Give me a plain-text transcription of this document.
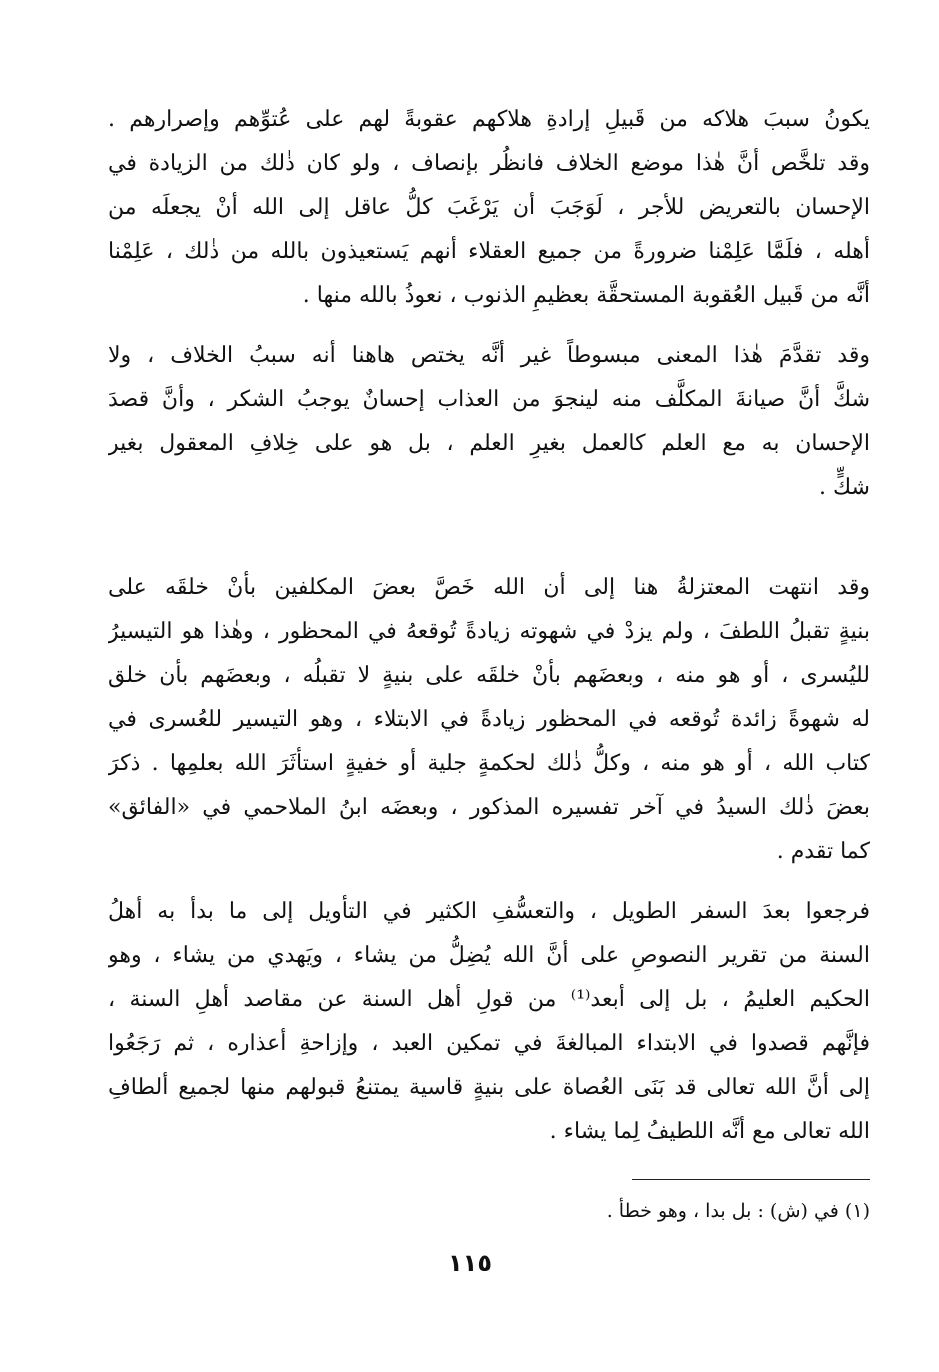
يكونُ سببَ هلاكه من قَبيلِ إرادةِ هلاكهم عقوبةً لهم على عُتوِّهم وإصرارهم .
وقد تلخَّص أنَّ هٰذا موضع الخلاف فانظُر بإنصاف ، ولو كان ذٰلك من الزيادة في
الإحسان بالتعريض للأجر ، لَوَجَبَ أن يَرْغَبَ كلُّ عاقل إلى الله أنْ يجعلَه من
أهله ، فلَمَّا عَلِمْنا ضرورةً من جميع العقلاء أنهم يَستعيذون بالله من ذٰلك ، عَلِمْنا
أنَّه من قَبيل العُقوبة المستحقَّة بعظيمِ الذنوب ، نعوذُ بالله منها .
وقد تقدَّمَ هٰذا المعنى مبسوطاً غير أنَّه يختص هاهنا أنه سببُ الخلاف ، ولا
شكَّ أنَّ صيانةَ المكلَّف منه لينجوَ من العذاب إحسانٌ يوجبُ الشكر ، وأنَّ قصدَ
الإحسان به مع العلم كالعمل بغيرِ العلم ، بل هو على خِلافِ المعقول بغير
شكٍّ .
وقد انتهت المعتزلةُ هنا إلى أن الله خَصَّ بعضَ المكلفين بأنْ خلقَه على
بنيةٍ تقبلُ اللطفَ ، ولم يزدْ في شهوته زيادةً تُوقعهُ في المحظور ، وهٰذا هو التيسيرُ
لليُسرى ، أو هو منه ، وبعضَهم بأنْ خلقَه على بنيةٍ لا تقبلُه ، وبعضَهم بأن خلق
له شهوةً زائدة تُوقعه في المحظور زيادةً في الابتلاء ، وهو التيسير للعُسرى في
كتاب الله ، أو هو منه ، وكلُّ ذٰلك لحكمةٍ جلية أو خفيةٍ استأثَرَ الله بعلمِها . ذكرَ
بعضَ ذٰلك السيدُ في آخر تفسيره المذكور ، وبعضَه ابنُ الملاحمي في «الفائق»
كما تقدم .
فرجعوا بعدَ السفر الطويل ، والتعسُّفِ الكثير في التأويل إلى ما بدأ به أهلُ
السنة من تقرير النصوصِ على أنَّ الله يُضِلُّ من يشاء ، ويَهدي من يشاء ، وهو
الحكيم العليمُ ، بل إلى أبعد⁽¹⁾ من قولِ أهل السنة عن مقاصد أهلِ السنة ،
فإنَّهم قصدوا في الابتداء المبالغةَ في تمكين العبد ، وإزاحةِ أعذاره ، ثم رَجَعُوا
إلى أنَّ الله تعالى قد بَنَى العُصاة على بنيةٍ قاسية يمتنعُ قبولهم منها لجميع ألطافِ
الله تعالى مع أنَّه اللطيفُ لِما يشاء .
(١) في (ش) : بل بدا ، وهو خطأ .
١١٥
